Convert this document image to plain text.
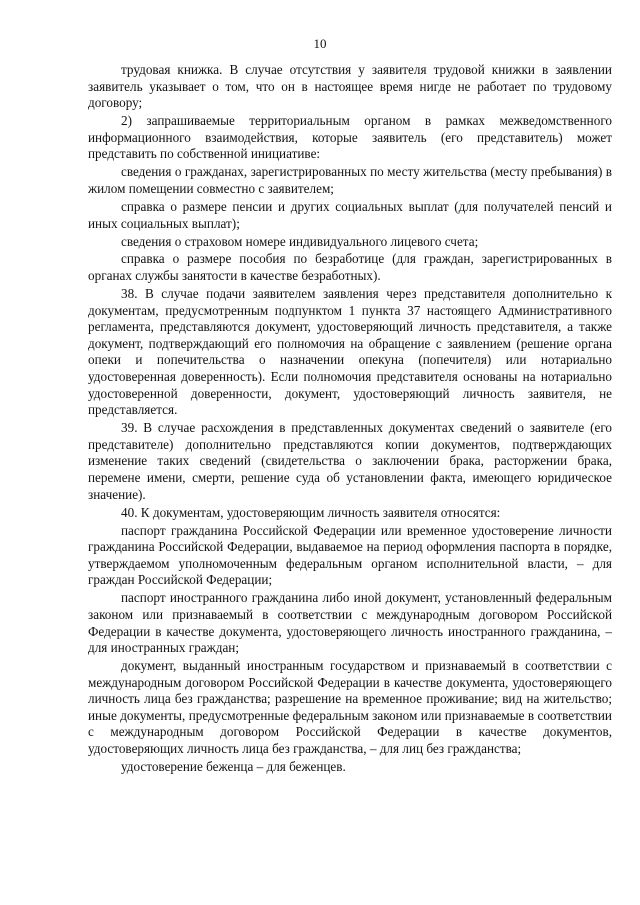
10

трудовая книжка. В случае отсутствия у заявителя трудовой книжки в заявлении заявитель указывает о том, что он в настоящее время нигде не работает по трудовому договору;

2) запрашиваемые территориальным органом в рамках межведомственного информационного взаимодействия, которые заявитель (его представитель) может представить по собственной инициативе:

сведения о гражданах, зарегистрированных по месту жительства (месту пребывания) в жилом помещении совместно с заявителем;

справка о размере пенсии и других социальных выплат (для получателей пенсий и иных социальных выплат);

сведения о страховом номере индивидуального лицевого счета;

справка о размере пособия по безработице (для граждан, зарегистрированных в органах службы занятости в качестве безработных).

38. В случае подачи заявителем заявления через представителя дополнительно к документам, предусмотренным подпунктом 1 пункта 37 настоящего Административного регламента, представляются документ, удостоверяющий личность представителя, а также документ, подтверждающий его полномочия на обращение с заявлением (решение органа опеки и попечительства о назначении опекуна (попечителя) или нотариально удостоверенная доверенность). Если полномочия представителя основаны на нотариально удостоверенной доверенности, документ, удостоверяющий личность заявителя, не представляется.

39. В случае расхождения в представленных документах сведений о заявителе (его представителе) дополнительно представляются копии документов, подтверждающих изменение таких сведений (свидетельства о заключении брака, расторжении брака, перемене имени, смерти, решение суда об установлении факта, имеющего юридическое значение).

40. К документам, удостоверяющим личность заявителя относятся:

паспорт гражданина Российской Федерации или временное удостоверение личности гражданина Российской Федерации, выдаваемое на период оформления паспорта в порядке, утверждаемом уполномоченным федеральным органом исполнительной власти, – для граждан Российской Федерации;

паспорт иностранного гражданина либо иной документ, установленный федеральным законом или признаваемый в соответствии с международным договором Российской Федерации в качестве документа, удостоверяющего личность иностранного гражданина, – для иностранных граждан;

документ, выданный иностранным государством и признаваемый в соответствии с международным договором Российской Федерации в качестве документа, удостоверяющего личность лица без гражданства; разрешение на временное проживание; вид на жительство; иные документы, предусмотренные федеральным законом или признаваемые в соответствии с международным договором Российской Федерации в качестве документов, удостоверяющих личность лица без гражданства, – для лиц без гражданства;

удостоверение беженца – для беженцев.
